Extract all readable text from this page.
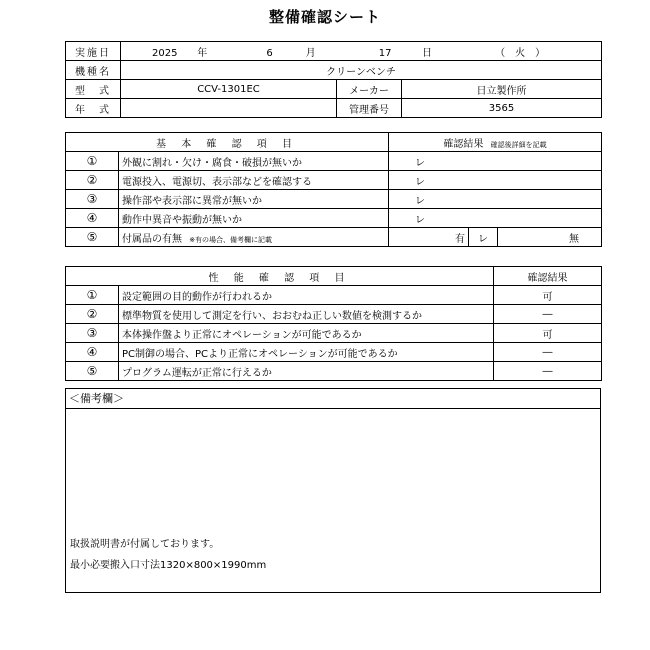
整備確認シート
実施日	2025 年 6 月 17 日 （　火　）		
機種名	クリーンベンチ		
型　式	CCV-1301EC	メーカー	日立製作所
年　式		管理番号	3565
基 本 確 認 項 目		確認結果 確認後詳細を記載		
①	外観に割れ・欠け・腐食・破損が無いか	レ		
②	電源投入、電源切、表示部などを確認する	レ		
③	操作部や表示部に異常が無いか	レ		
④	動作中異音や振動が無いか	レ		
⑤	付属品の有無 ※有の場合、備考欄に記載	有	レ	無
性 能 確 認 項 目		確認結果
①	設定範囲の目的動作が行われるか	可
②	標準物質を使用して測定を行い、おおむね正しい数値を検測するか	―
③	本体操作盤より正常にオペレーションが可能であるか	可
④	PC制御の場合、PCより正常にオペレーションが可能であるか	―
⑤	プログラム運転が正常に行えるか	―
＜備考欄＞
取扱説明書が付属しております。
最小必要搬入口寸法1320×800×1990mm
